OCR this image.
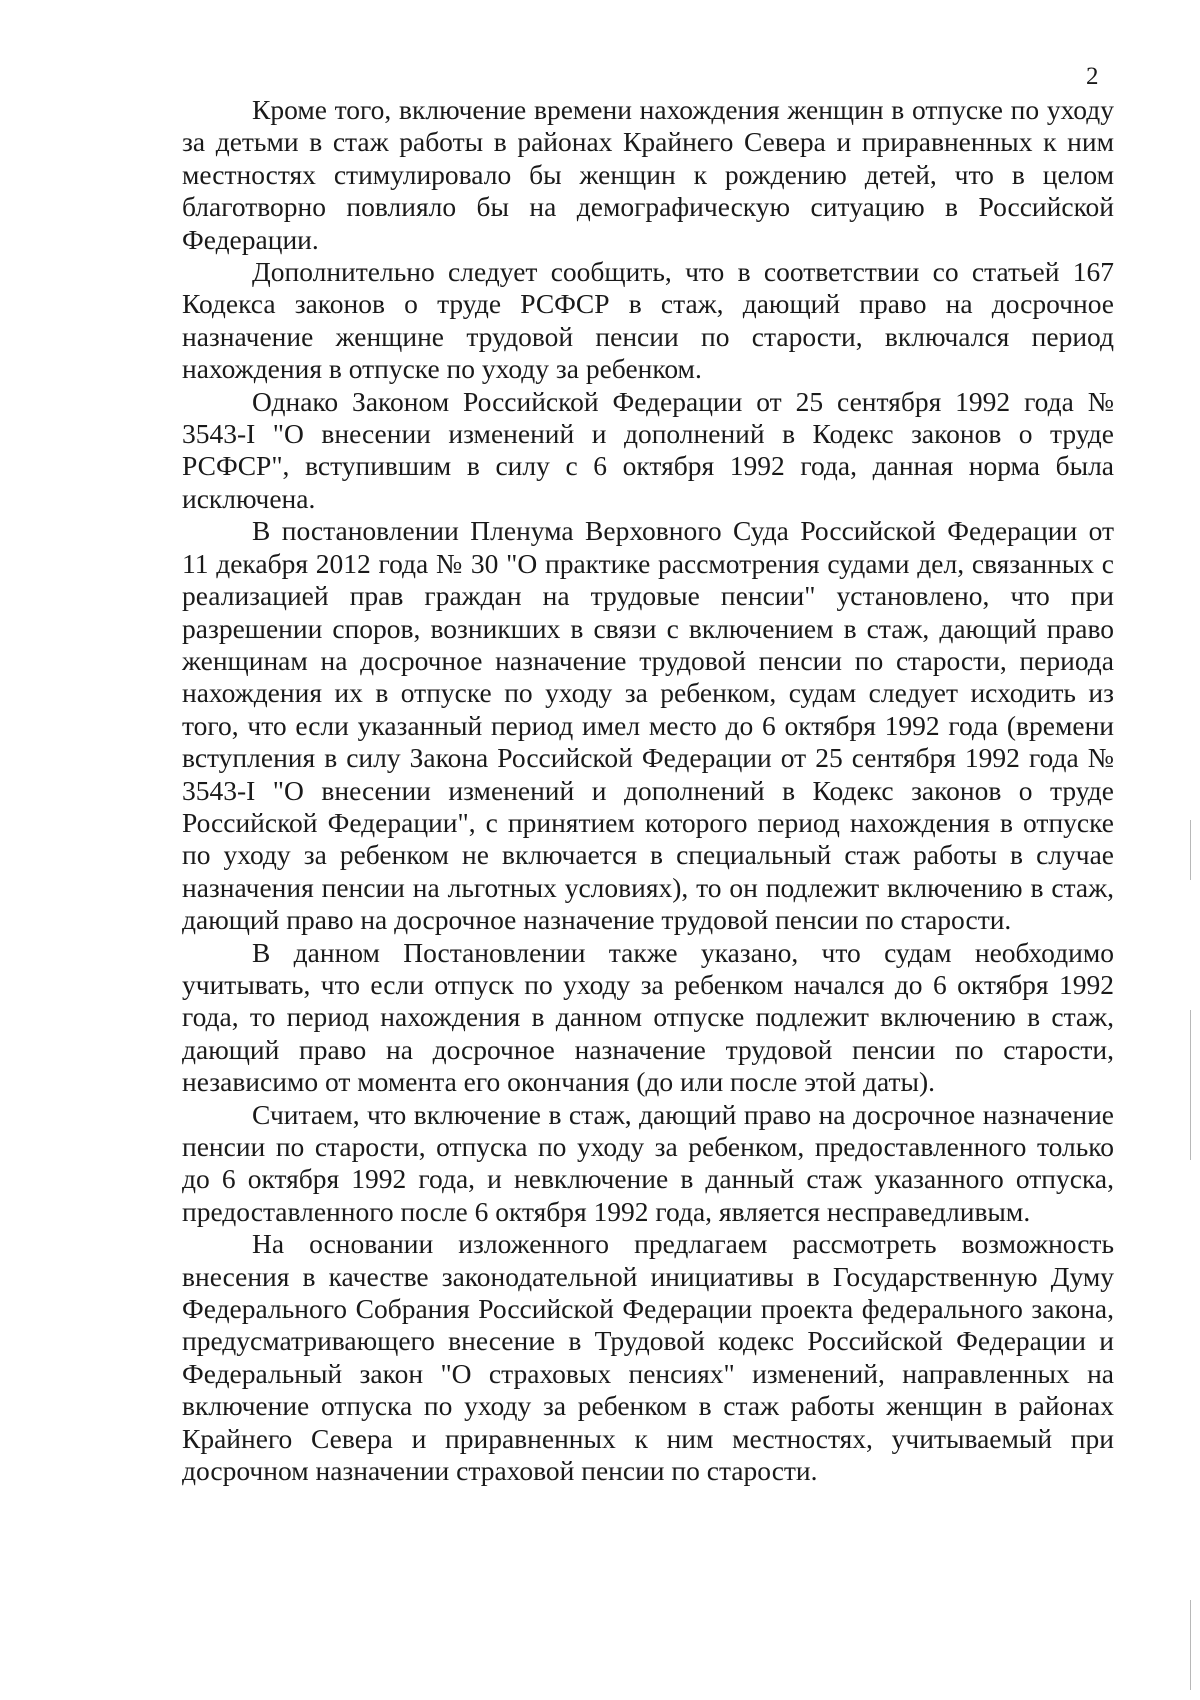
2

Кроме того, включение времени нахождения женщин в отпуске по уходу за детьми в стаж работы в районах Крайнего Севера и приравненных к ним местностях стимулировало бы женщин к рождению детей, что в целом благотворно повлияло бы на демографическую ситуацию в Российской Федерации.

Дополнительно следует сообщить, что в соответствии со статьей 167 Кодекса законов о труде РСФСР в стаж, дающий право на досрочное назначение женщине трудовой пенсии по старости, включался период нахождения в отпуске по уходу за ребенком.

Однако Законом Российской Федерации от 25 сентября 1992 года № 3543-I "О внесении изменений и дополнений в Кодекс законов о труде РСФСР", вступившим в силу с 6 октября 1992 года, данная норма была исключена.

В постановлении Пленума Верховного Суда Российской Федерации от 11 декабря 2012 года № 30 "О практике рассмотрения судами дел, связанных с реализацией прав граждан на трудовые пенсии" установлено, что при разрешении споров, возникших в связи с включением в стаж, дающий право женщинам на досрочное назначение трудовой пенсии по старости, периода нахождения их в отпуске по уходу за ребенком, судам следует исходить из того, что если указанный период имел место до 6 октября 1992 года (времени вступления в силу Закона Российской Федерации от 25 сентября 1992 года № 3543-I "О внесении изменений и дополнений в Кодекс законов о труде Российской Федерации", с принятием которого период нахождения в отпуске по уходу за ребенком не включается в специальный стаж работы в случае назначения пенсии на льготных условиях), то он подлежит включению в стаж, дающий право на досрочное назначение трудовой пенсии по старости.

В данном Постановлении также указано, что судам необходимо учитывать, что если отпуск по уходу за ребенком начался до 6 октября 1992 года, то период нахождения в данном отпуске подлежит включению в стаж, дающий право на досрочное назначение трудовой пенсии по старости, независимо от момента его окончания (до или после этой даты).

Считаем, что включение в стаж, дающий право на досрочное назначение пенсии по старости, отпуска по уходу за ребенком, предоставленного только до 6 октября 1992 года, и невключение в данный стаж указанного отпуска, предоставленного после 6 октября 1992 года, является несправедливым.

На основании изложенного предлагаем рассмотреть возможность внесения в качестве законодательной инициативы в Государственную Думу Федерального Собрания Российской Федерации проекта федерального закона, предусматривающего внесение в Трудовой кодекс Российской Федерации и Федеральный закон "О страховых пенсиях" изменений, направленных на включение отпуска по уходу за ребенком в стаж работы женщин в районах Крайнего Севера и приравненных к ним местностях, учитываемый при досрочном назначении страховой пенсии по старости.
